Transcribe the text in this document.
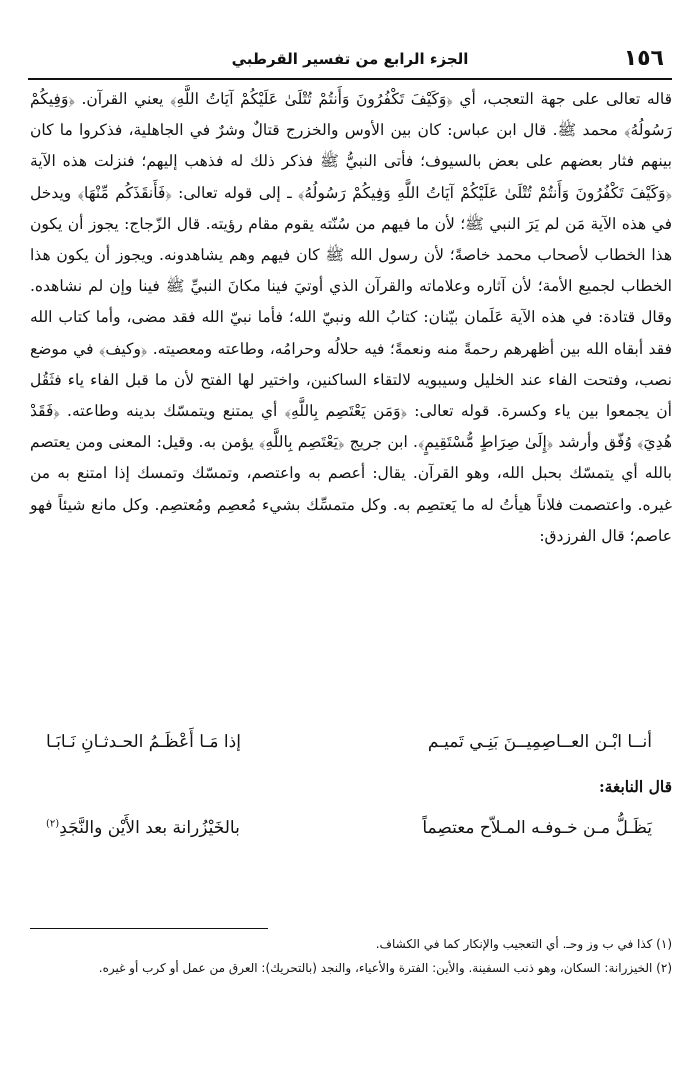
١٥٦
الجزء الرابع من تفسير القرطبي

قاله تعالى على جهة التعجب، أي ﴿وَكَيْفَ تَكْفُرُونَ وَأَنتُمْ تُتْلَىٰ عَلَيْكُمْ آيَاتُ اللَّهِ﴾ يعني القرآن. ﴿وَفِيكُمْ رَسُولُهُ﴾ محمد ﷺ. قال ابن عباس: كان بين الأوس والخزرج قتالٌ وشرٌ في الجاهلية، فذكروا ما كان بينهم فثار بعضهم على بعض بالسيوف؛ فأتى النبيُّ ﷺ فذكر ذلك له فذهب إليهم؛ فنزلت هذه الآية ﴿وَكَيْفَ تَكْفُرُونَ وَأَنتُمْ تُتْلَىٰ عَلَيْكُمْ آيَاتُ اللَّهِ وَفِيكُمْ رَسُولُهُ﴾ ـ إلى قوله تعالى: ﴿فَأَنقَذَكُم مِّنْهَا﴾ ويدخل في هذه الآية مَن لم يَرَ النبي ﷺ؛ لأن ما فيهم من سُنّته يقوم مقام رؤيته. قال الزّجاج: يجوز أن يكون هذا الخطاب لأصحاب محمد خاصةً؛ لأن رسول الله ﷺ كان فيهم وهم يشاهدونه. ويجوز أن يكون هذا الخطاب لجميع الأمة؛ لأن آثاره وعلاماته والقرآن الذي أوتيَ فينا مكانَ النبيِّ ﷺ فينا وإن لم نشاهده. وقال قتادة: في هذه الآية عَلَمان بيّنان: كتابُ الله ونبيّ الله؛ فأما نبيّ الله فقد مضى، وأما كتاب الله فقد أبقاه الله بين أظهرهم رحمةً منه ونعمةً؛ فيه حلالُه وحرامُه، وطاعته ومعصيته. ﴿وكيف﴾ في موضع نصب، وفتحت الفاء عند الخليل وسيبويه لالتقاء الساكنين، واختير لها الفتح لأن ما قبل الفاء ياء فثَقُل أن يجمعوا بين ياء وكسرة. قوله تعالى: ﴿وَمَن يَعْتَصِم بِاللَّهِ﴾ أي يمتنع ويتمسّك بدينه وطاعته. ﴿فَقَدْ هُدِيَ﴾ وُفّق وأرشد ﴿إِلَىٰ صِرَاطٍ مُّسْتَقِيمٍ﴾. ابن جريج ﴿يَعْتَصِم بِاللَّهِ﴾ يؤمن به. وقيل: المعنى ومن يعتصم بالله أي يتمسّك بحبل الله، وهو القرآن. يقال: أعصم به واعتصم، وتمسّك وتمسك إذا امتنع به من غيره. واعتصمت فلاناً هيأتُ له ما يَعتصِم به. وكل متمسِّك بشيء مُعصِم ومُعتصِم. وكل مانع شيئاً فهو عاصم؛ قال الفرزدق:

أنــا ابْـن العــاصِمِيــنَ بَنِـي تَميـم
إذا مَـا أَعْظَـمُ الحـدثـانِ نَـابَـا
قال النابغة:
يَظَـلُّ مـن خـوفـه المـلاّح معتصِماً
بالخَيْزُرانة بعد الأَيْن والنَّجَدِ$^{(٢)}$

(١) كذا في ب وز وحـ. أي التعجيب والإنكار كما في الكشاف.

(٢) الخيزرانة: السكان، وهو ذنب السفينة. والأين: الفترة والأعياء، والنجد (بالتحريك): العرق من عمل أو كرب أو غيره.
